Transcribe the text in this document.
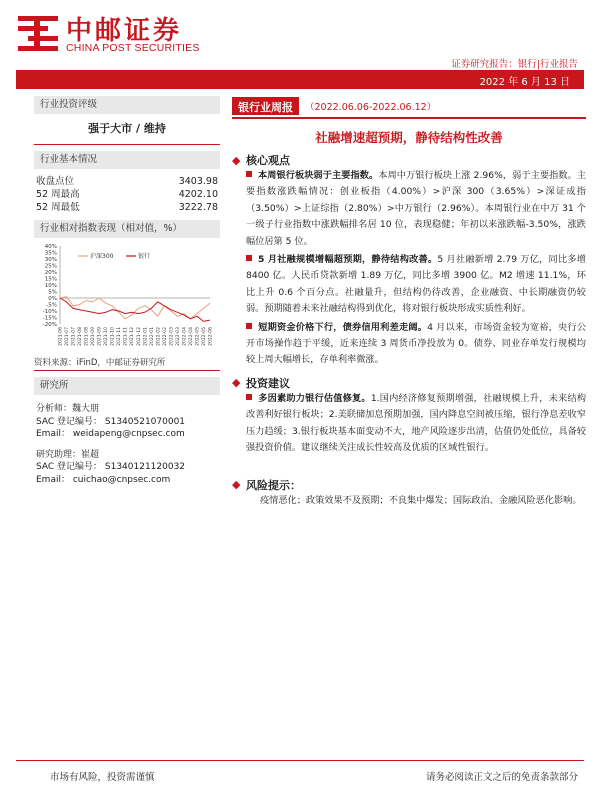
中邮证券
CHINA POST SECURITIES
证券研究报告：银行|行业报告
2022 年 6 月 13 日
行业投资评级
强于大市 / 维持
行业基本情况
收盘点位	3403.98
52 周最高	4202.10
52 周最低	3222.78
行业相对指数表现（相对值，%）
40%
35%
30%
25%
20%
15%
10%
5%
0%
-5%
-10%
-15%
-20%
2021-06 2021-07 2021-07 2021-08 2021-08 2021-09 2021-09 2021-10 2021-10 2021-11 2021-11 2021-12 2021-12 2022-01 2022-01 2022-02 2022-02 2022-03 2022-03 2022-04 2022-04 2022-05 2022-05 2022-06
沪深300	银行
资料来源：iFinD，中邮证券研究所
研究所
分析师：魏大朋
SAC 登记编号： S1340521070001
Email： weidapeng@cnpsec.com
研究助理：崔超
SAC 登记编号： S1340121120032
Email： cuichao@cnpsec.com
银行业周报	（2022.06.06-2022.06.12）
社融增速超预期，静待结构性改善
◆ 核心观点
本周银行板块弱于主要指数。本周中万银行板块上涨 2.96%，弱于主要指数。主要指数涨跌幅情况：创业板指（4.00%）>沪深 300（3.65%）>深证成指（3.50%）>上证综指（2.80%）>中万银行（2.96%）。本周银行业在中万 31 个一级子行业指数中涨跌幅排名居 10 位，表现稳健；年初以来涨跌幅-3.50%，涨跌幅位居第 5 位。
5 月社融规模增幅超预期，静待结构改善。5 月社融新增 2.79 万亿，同比多增 8400 亿。人民币贷款新增 1.89 万亿，同比多增 3900 亿。M2 增速 11.1%，环比上升 0.6 个百分点。社融量升，但结构仍待改善，企业融资、中长期融资仍较弱。预期随着未来社融结构得到优化，将对银行板块形成实质性利好。
短期资金价格下行，债券信用利差走阔。4 月以来，市场资金较为宽裕，央行公开市场操作趋于平缓，近来连续 3 周货币净投放为 0。债券、同业存单发行规模均较上周大幅增长，存单利率微涨。
◆ 投资建议
多因素助力银行估值修复。1.国内经济修复预期增强，社融规模上升，未来结构改善利好银行板块；2.美联储加息预期加强，国内降息空间被压缩，银行净息差收窄压力趋缓；3.银行板块基本面变动不大，地产风险逐步出清，估值仍处低位，具备较强投资价值。建议继续关注成长性较高及优质的区域性银行。
◆ 风险提示：
疫情恶化；政策效果不及预期；不良集中爆发；国际政治、金融风险恶化影响。
市场有风险，投资需谨慎	请务必阅读正文之后的免责条款部分
